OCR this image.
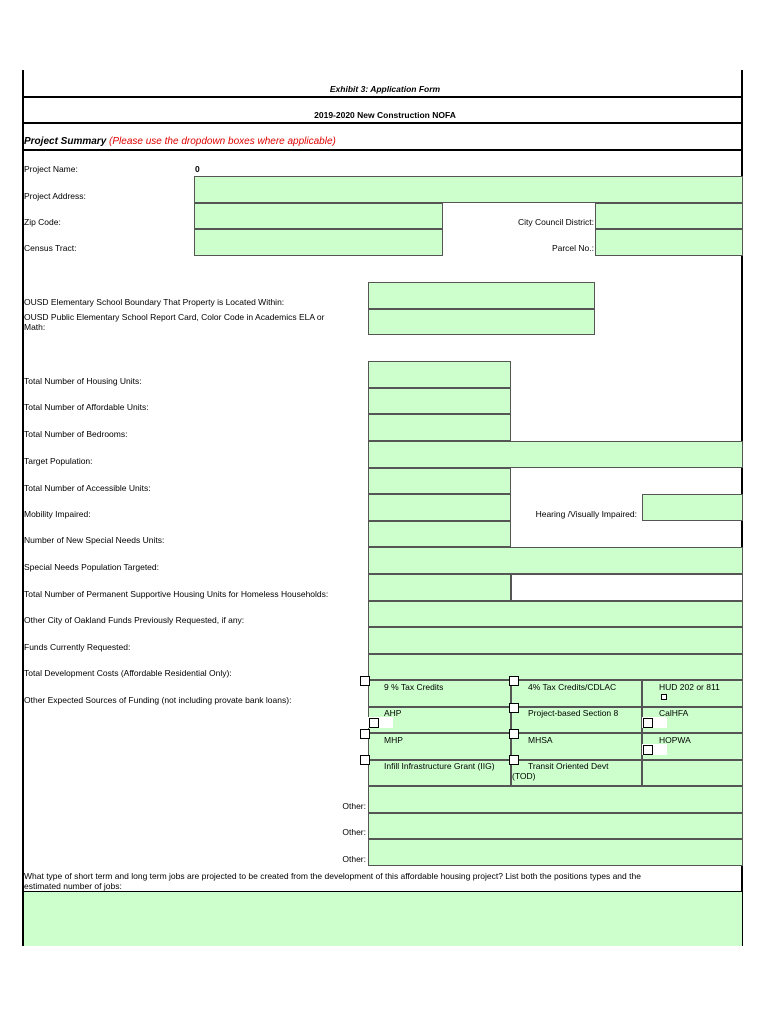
Exhibit 3: Application Form
2019-2020 New Construction NOFA
Project Summary (Please use the dropdown boxes where applicable)
Project Name:	0
Project Address:
Zip Code:	City Council District:
Census Tract:	Parcel No.:
OUSD Elementary School Boundary That Property is Located Within:
OUSD Public Elementary School Report Card, Color Code in Academics ELA or
Math:
Total Number of Housing Units:
Total Number of Affordable Units:
Total Number of Bedrooms:
Target Population:
Total Number of Accessible Units:
Mobility Impaired:	Hearing /Visually Impaired:
Number of New Special Needs Units:
Special Needs Population Targeted:
Total Number of Permanent Supportive Housing Units for Homeless Households:
Other City of Oakland Funds Previously Requested, if any:
Funds Currently Requested:
Total Development Costs (Affordable Residential Only):
Other Expected Sources of Funding (not including provate bank loans):
9 % Tax Credits	4% Tax Credits/CDLAC	HUD 202 or 811
AHP	Project-based Section 8	CalHFA
MHP	MHSA	HOPWA
Infill Infrastructure Grant (IIG)	Transit Oriented Devt
(TOD)
Other:
Other:
Other:
What type of short term and long term jobs are projected to be created from the development of this affordable housing project? List both the positions types and the
estimated number of jobs:
